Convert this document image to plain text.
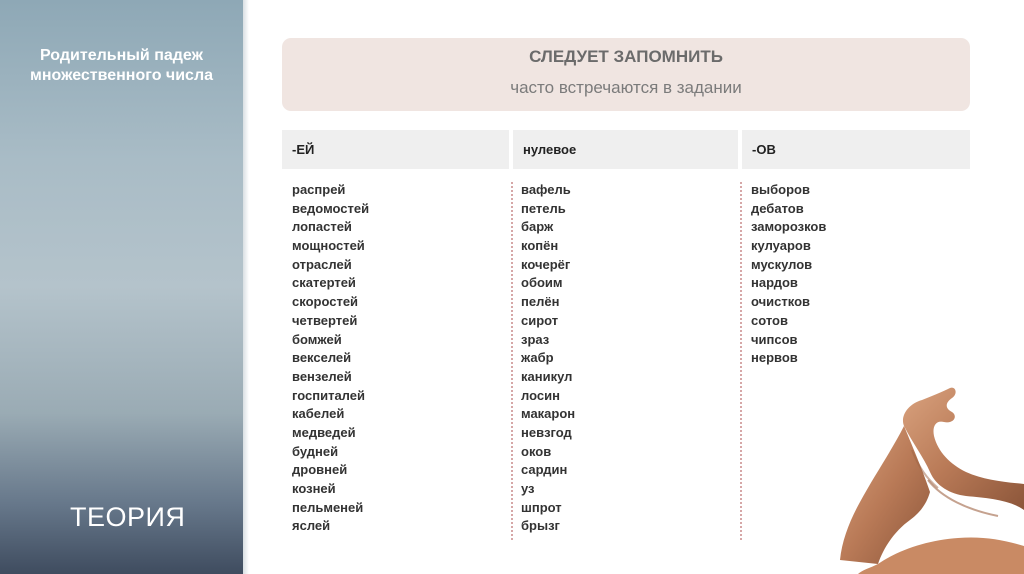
Родительный падеж
множественного числа
ТЕОРИЯ
СЛЕДУЕТ ЗАПОМНИТЬ
часто встречаются в задании
-ЕЙ	нулевое	-ОВ
распрей
ведомостей
лопастей
мощностей
отраслей
скатертей
скоростей
четвертей
бомжей
векселей
вензелей
госпиталей
кабелей
медведей
будней
дровней
козней
пельменей
яслей
вафель
петель
барж
копён
кочерёг
обоим
пелён
сирот
зраз
жабр
каникул
лосин
макарон
невзгод
оков
сардин
уз
шпрот
брызг
выборов
дебатов
заморозков
кулуаров
мускулов
нардов
очистков
сотов
чипсов
нервов
